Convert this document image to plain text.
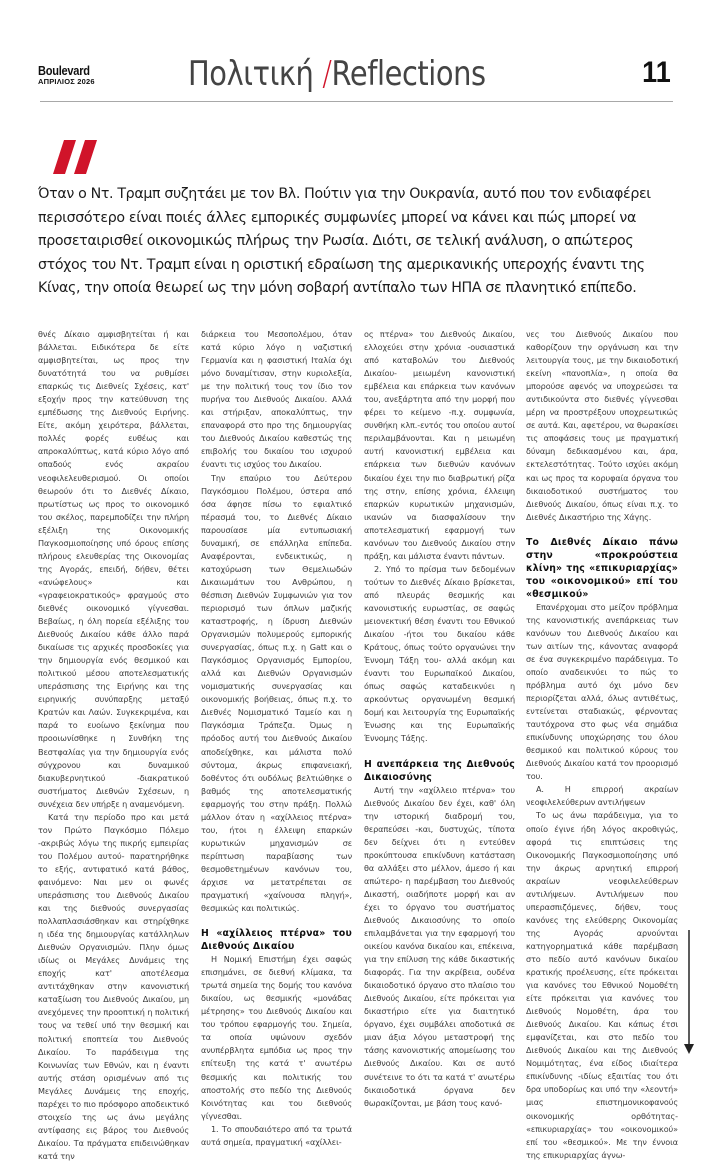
Boulevard
ΑΠΡΙΛΙΟΣ 2026	Πολιτική /Reflections	11

Όταν ο Ντ. Τραμπ συζητάει με τον Βλ. Πούτιν για την Ουκρανία, αυτό που τον ενδιαφέρει περισσότερο είναι ποιές άλλες εμπορικές συμφωνίες μπορεί να κάνει και πώς μπορεί να προσεταιρισθεί οικονομικώς πλήρως την Ρωσία. Διότι, σε τελική ανάλυση, ο απώτερος στόχος του Ντ. Τραμπ είναι η οριστική εδραίωση της αμερικανικής υπεροχής έναντι της Κίνας, την οποία θεωρεί ως την μόνη σοβαρή αντίπαλο των ΗΠΑ σε πλανητικό επίπεδο.

θνές Δίκαιο αμφισβητείται ή και βάλλεται. Ειδικότερα δε είτε αμφισβητείται, ως προς την δυνατότητά του να ρυθμίσει επαρκώς τις Διεθνείς Σχέσεις, κατ' εξοχήν προς την κατεύθυνση της εμπέδωσης της Διεθνούς Ειρήνης. Είτε, ακόμη χειρότερα, βάλλεται, πολλές φορές ευθέως και απροκαλύπτως, κατά κύριο λόγο από οπαδούς ενός ακραίου νεοφιλελευθερισμού. Οι οποίοι θεωρούν ότι το Διεθνές Δίκαιο, πρωτίστως ως προς το οικονομικό του σκέλος, παρεμποδίζει την πλήρη εξέλιξη της Οικονομικής Παγκοσμιοποίησης υπό όρους επίσης πλήρους ελευθερίας της Οικονομίας της Αγοράς, επειδή, δήθεν, θέτει «ανώφελους» και «γραφειοκρατικούς» φραγμούς στο διεθνές οικονομικό γίγνεσθαι. Βεβαίως, η όλη πορεία εξέλιξης του Διεθνούς Δικαίου κάθε άλλο παρά δικαίωσε τις αρχικές προσδοκίες για την δημιουργία ενός θεσμικού και πολιτικού μέσου αποτελεσματικής υπεράσπισης της Ειρήνης και της ειρηνικής συνύπαρξης μεταξύ Κρατών και Λαών. Συγκεκριμένα, και παρά το ευοίωνο ξεκίνημα που προοιωνίσθηκε η Συνθήκη της Βεστφαλίας για την δημιουργία ενός σύγχρονου και δυναμικού διακυβερνητικού -διακρατικού συστήματος Διεθνών Σχέσεων, η συνέχεια δεν υπήρξε η αναμενόμενη.

Κατά την περίοδο προ και μετά τον Πρώτο Παγκόσμιο Πόλεμο -ακριβώς λόγω της πικρής εμπειρίας του Πολέμου αυτού- παρατηρήθηκε το εξής, αντιφατικό κατά βάθος, φαινόμενο: Ναι μεν οι φωνές υπεράσπισης του Διεθνούς Δικαίου και της διεθνούς συνεργασίας πολλαπλασιάσθηκαν και στηρίχθηκε η ιδέα της δημιουργίας κατάλληλων Διεθνών Οργανισμών. Πλην όμως ιδίως οι Μεγάλες Δυνάμεις της εποχής κατ' αποτέλεσμα αντιτάχθηκαν στην κανονιστική καταξίωση του Διεθνούς Δικαίου, μη ανεχόμενες την προοπτική η πολιτική τους να τεθεί υπό την θεσμική και πολιτική εποπτεία του Διεθνούς Δικαίου. Το παράδειγμα της Κοινωνίας των Εθνών, και η έναντι αυτής στάση ορισμένων από τις Μεγάλες Δυνάμεις της εποχής, παρέχει το πιο πρόσφορο αποδεικτικό στοιχείο της ως άνω μεγάλης αντίφασης εις βάρος του Διεθνούς Δικαίου. Τα πράγματα επιδεινώθηκαν κατά την

διάρκεια του Μεσοπολέμου, όταν κατά κύριο λόγο η ναζιστική Γερμανία και η φασιστική Ιταλία όχι μόνο δυναμίτισαν, στην κυριολεξία, με την πολιτική τους τον ίδιο τον πυρήνα του Διεθνούς Δικαίου. Αλλά και στήριξαν, αποκαλύπτως, την επαναφορά στο προ της δημιουργίας του Διεθνούς Δικαίου καθεστώς της επιβολής του δικαίου του ισχυρού έναντι τις ισχύος του Δικαίου.

Την επαύριο του Δεύτερου Παγκόσμιου Πολέμου, ύστερα από όσα άφησε πίσω το εφιαλτικό πέρασμά του, το Διεθνές Δίκαιο παρουσίασε μία εντυπωσιακή δυναμική, σε επάλληλα επίπεδα. Αναφέρονται, ενδεικτικώς, η κατοχύρωση των Θεμελιωδών Δικαιωμάτων του Ανθρώπου, η θέσπιση Διεθνών Συμφωνιών για τον περιορισμό των όπλων μαζικής καταστροφής, η ίδρυση Διεθνών Οργανισμών πολυμερούς εμπορικής συνεργασίας, όπως π.χ. η Gatt και ο Παγκόσμιος Οργανισμός Εμπορίου, αλλά και Διεθνών Οργανισμών νομισματικής συνεργασίας και οικονομικής βοήθειας, όπως π.χ. το Διεθνές Νομισματικό Ταμείο και η Παγκόσμια Τράπεζα. Όμως η πρόοδος αυτή του Διεθνούς Δικαίου αποδείχθηκε, και μάλιστα πολύ σύντομα, άκρως επιφανειακή, δοθέντος ότι ουδόλως βελτιώθηκε ο βαθμός της αποτελεσματικής εφαρμογής του στην πράξη. Πολλώ μάλλον όταν η «αχίλλειος πτέρνα» του, ήτοι η έλλειψη επαρκών κυρωτικών μηχανισμών σε περίπτωση παραβίασης των θεσμοθετημένων κανόνων του, άρχισε να μετατρέπεται σε πραγματική «χαίνουσα πληγή», θεσμικώς και πολιτικώς.

Η «αχίλλειος πτέρνα» του Διεθνούς Δικαίου

Η Νομική Επιστήμη έχει σαφώς επισημάνει, σε διεθνή κλίμακα, τα τρωτά σημεία της δομής του κανόνα δικαίου, ως θεσμικής «μονάδας μέτρησης» του Διεθνούς Δικαίου και του τρόπου εφαρμογής του. Σημεία, τα οποία υψώνουν σχεδόν ανυπέρβλητα εμπόδια ως προς την επίτευξη της κατά τ' ανωτέρω θεσμικής και πολιτικής του αποστολής στο πεδίο της Διεθνούς Κοινότητας και του διεθνούς γίγνεσθαι.

1. Το σπουδαιότερο από τα τρωτά αυτά σημεία, πραγματική «αχίλλει-

ος πτέρνα» του Διεθνούς Δικαίου, ελλοχεύει στην χρόνια -ουσιαστικά από καταβολών του Διεθνούς Δικαίου- μειωμένη κανονιστική εμβέλεια και επάρκεια των κανόνων του, ανεξάρτητα από την μορφή που φέρει το κείμενο -π.χ. συμφωνία, συνθήκη κλπ.-εντός του οποίου αυτοί περιλαμβάνονται. Και η μειωμένη αυτή κανονιστική εμβέλεια και επάρκεια των διεθνών κανόνων δικαίου έχει την πιο διαβρωτική ρίζα της στην, επίσης χρόνια, έλλειψη επαρκών κυρωτικών μηχανισμών, ικανών να διασφαλίσουν την αποτελεσματική εφαρμογή των κανόνων του Διεθνούς Δικαίου στην πράξη, και μάλιστα έναντι πάντων.

2. Υπό το πρίσμα των δεδομένων τούτων το Διεθνές Δίκαιο βρίσκεται, από πλευράς θεσμικής και κανονιστικής ευρωστίας, σε σαφώς μειονεκτική θέση έναντι του Εθνικού Δικαίου -ήτοι του δικαίου κάθε Κράτους, όπως τούτο οργανώνει την Έννομη Τάξη του- αλλά ακόμη και έναντι του Ευρωπαϊκού Δικαίου, όπως σαφώς καταδεικνύει η αρκούντως οργανωμένη θεσμική δομή και λειτουργία της Ευρωπαϊκής Ένωσης και της Ευρωπαϊκής Έννομης Τάξης.

Η ανεπάρκεια της Διεθνούς Δικαιοσύνης

Αυτή την «αχίλλειο πτέρνα» του Διεθνούς Δικαίου δεν έχει, καθ' όλη την ιστορική διαδρομή του, θεραπεύσει -και, δυστυχώς, τίποτα δεν δείχνει ότι η εντεύθεν προκύπτουσα επικίνδυνη κατάσταση θα αλλάξει στο μέλλον, άμεσο ή και απώτερο- η παρέμβαση του Διεθνούς Δικαστή, οιαδήποτε μορφή και αν έχει το όργανο του συστήματος Διεθνούς Δικαιοσύνης το οποίο επιλαμβάνεται για την εφαρμογή του οικείου κανόνα δικαίου και, επέκεινα, για την επίλυση της κάθε δικαστικής διαφοράς. Για την ακρίβεια, ουδένα δικαιοδοτικό όργανο στο πλαίσιο του Διεθνούς Δικαίου, είτε πρόκειται για δικαστήριο είτε για διαιτητικό όργανο, έχει συμβάλει αποδοτικά σε μιαν άξια λόγου μεταστροφή της τάσης κανονιστικής απομείωσης του Διεθνούς Δικαίου. Και σε αυτό συνέτεινε το ότι τα κατά τ' ανωτέρω δικαιοδοτικά όργανα δεν θωρακίζονται, με βάση τους κανό-

νες του Διεθνούς Δικαίου που καθορίζουν την οργάνωση και την λειτουργία τους, με την δικαιοδοτική εκείνη «πανοπλία», η οποία θα μπορούσε αφενός να υποχρεώσει τα αντιδικούντα στο διεθνές γίγνεσθαι μέρη να προστρέξουν υποχρεωτικώς σε αυτά. Και, αφετέρου, να θωρακίσει τις αποφάσεις τους με πραγματική δύναμη δεδικασμένου και, άρα, εκτελεστότητας. Τούτο ισχύει ακόμη και ως προς τα κορυφαία όργανα του δικαιοδοτικού συστήματος του Διεθνούς Δικαίου, όπως είναι π.χ. το Διεθνές Δικαστήριο της Χάγης.

Το Διεθνές Δίκαιο πάνω στην «προκρούστεια κλίνη» της «επικυριαρχίας» του «οικονομικού» επί του «θεσμικού»

Επανέρχομαι στο μείζον πρόβλημα της κανονιστικής ανεπάρκειας των κανόνων του Διεθνούς Δικαίου και των αιτίων της, κάνοντας αναφορά σε ένα συγκεκριμένο παράδειγμα. Το οποίο αναδεικνύει το πώς το πρόβλημα αυτό όχι μόνο δεν περιορίζεται αλλά, όλως αντιθέτως, εντείνεται σταδιακώς, φέρνοντας ταυτόχρονα στο φως νέα σημάδια επικίνδυνης υποχώρησης του όλου θεσμικού και πολιτικού κύρους του Διεθνούς Δικαίου κατά τον προορισμό του.

Α. Η επιρροή ακραίων νεοφιλελεύθερων αντιλήψεων

Το ως άνω παράδειγμα, για το οποίο έγινε ήδη λόγος ακροθιγώς, αφορά τις επιπτώσεις της Οικονομικής Παγκοσμιοποίησης υπό την άκρως αρνητική επιρροή ακραίων νεοφιλελεύθερων αντιλήψεων. Αντιλήψεων που υπερασπιζόμενες, δήθεν, τους κανόνες της ελεύθερης Οικονομίας της Αγοράς αρνούνται κατηγορηματικά κάθε παρέμβαση στο πεδίο αυτό κανόνων δικαίου κρατικής προέλευσης, είτε πρόκειται για κανόνες του Εθνικού Νομοθέτη είτε πρόκειται για κανόνες του Διεθνούς Νομοθέτη, άρα του Διεθνούς Δικαίου. Και κάπως έτσι εμφανίζεται, και στο πεδίο του Διεθνούς Δικαίου και της Διεθνούς Νομιμότητας, ένα είδος ιδιαίτερα επικίνδυνης -ιδίως εξαιτίας του ότι δρα υποδορίως και υπό την «λεοντή» μιας επιστημονικοφανούς οικονομικής ορθότητας- «επικυριαρχίας» του «οικονομικού» επί του «θεσμικού». Με την έννοια της επικυριαρχίας άγνω-
